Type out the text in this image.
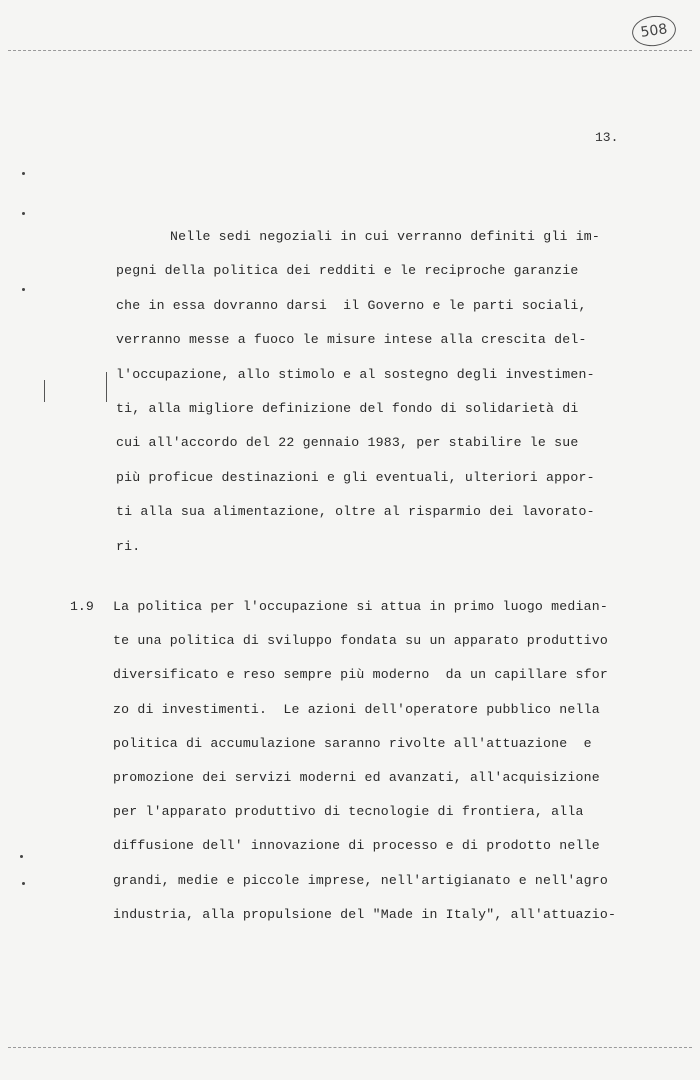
508
13.
Nelle sedi negoziali in cui verranno definiti gli im-
pegni della politica dei redditi e le reciproche garanzie
che in essa dovranno darsi  il Governo e le parti sociali,
verranno messe a fuoco le misure intese alla crescita del-
l'occupazione, allo stimolo e al sostegno degli investimen-
ti, alla migliore definizione del fondo di solidarietà di
cui all'accordo del 22 gennaio 1983, per stabilire le sue
più proficue destinazioni e gli eventuali, ulteriori appor-
ti alla sua alimentazione, oltre al risparmio dei lavorato-
ri.
1.9 La politica per l'occupazione si attua in primo luogo median-
te una politica di sviluppo fondata su un apparato produttivo
diversificato e reso sempre più moderno  da un capillare sfor
zo di investimenti.  Le azioni dell'operatore pubblico nella
politica di accumulazione saranno rivolte all'attuazione  e
promozione dei servizi moderni ed avanzati, all'acquisizione
per l'apparato produttivo di tecnologie di frontiera, alla
diffusione dell' innovazione di processo e di prodotto nelle
grandi, medie e piccole imprese, nell'artigianato e nell'agro
industria, alla propulsione del "Made in Italy", all'attuazio-
